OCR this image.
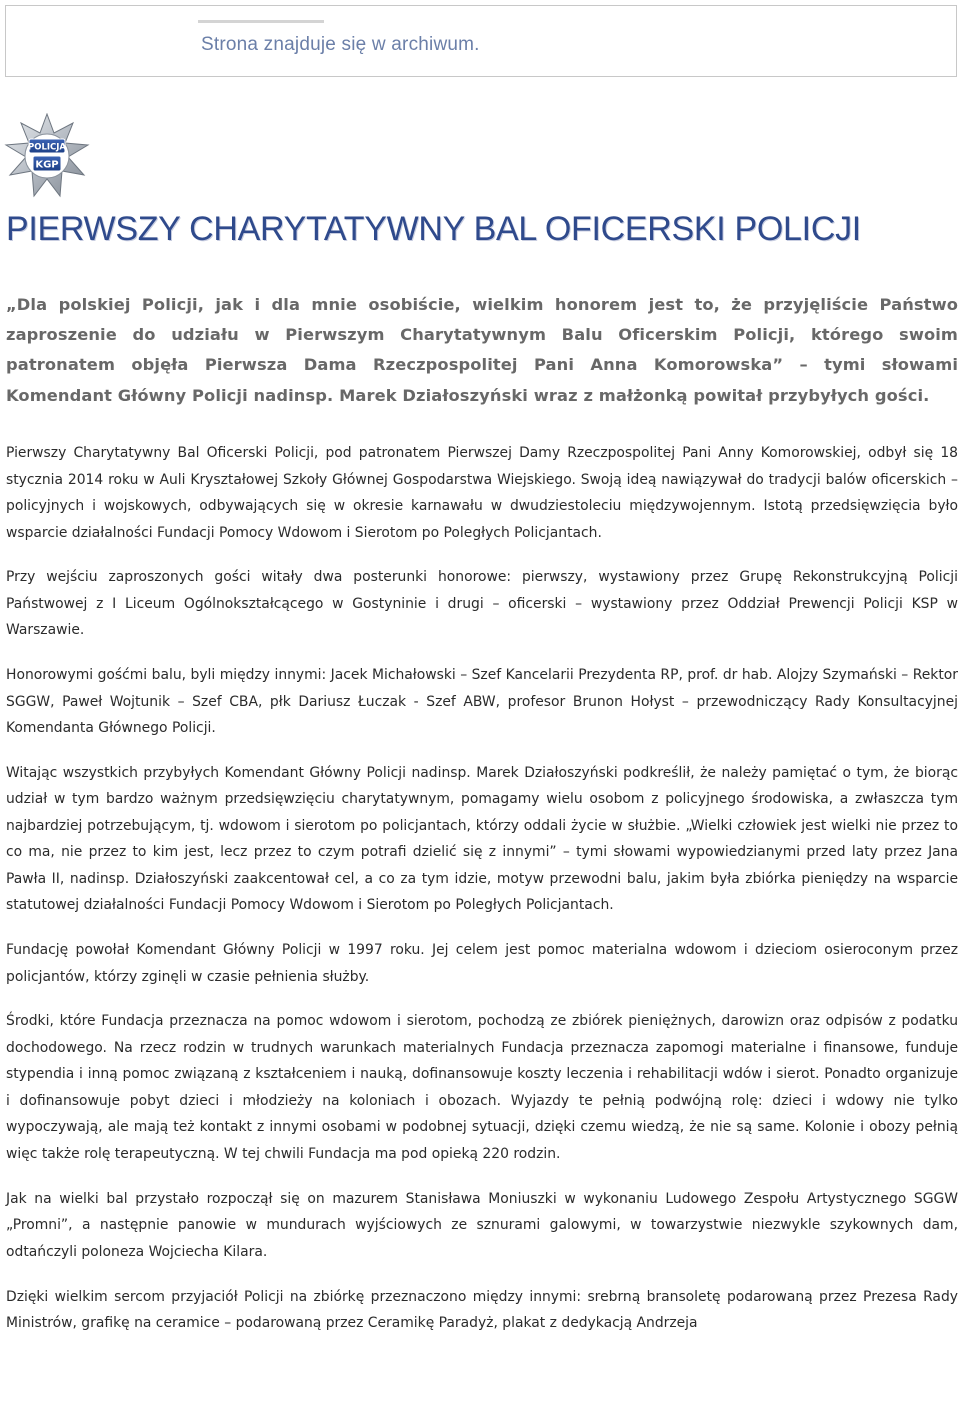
Strona znajduje się w archiwum.
POLICJA
KGP
PIERWSZY CHARYTATYWNY BAL OFICERSKI POLICJI

„Dla polskiej Policji, jak i dla mnie osobiście, wielkim honorem jest to, że przyjęliście Państwo zaproszenie do udziału w Pierwszym Charytatywnym Balu Oficerskim Policji, którego swoim patronatem objęła Pierwsza Dama Rzeczpospolitej Pani Anna Komorowska” – tymi słowami Komendant Główny Policji nadinsp. Marek Działoszyński wraz z małżonką powitał przybyłych gości.

Pierwszy Charytatywny Bal Oficerski Policji, pod patronatem Pierwszej Damy Rzeczpospolitej Pani Anny Komorowskiej, odbył się 18 stycznia 2014 roku w Auli Kryształowej Szkoły Głównej Gospodarstwa Wiejskiego. Swoją ideą nawiązywał do tradycji balów oficerskich – policyjnych i wojskowych, odbywających się w okresie karnawału w dwudziestoleciu międzywojennym. Istotą przedsięwzięcia było wsparcie działalności Fundacji Pomocy Wdowom i Sierotom po Poległych Policjantach.

Przy wejściu zaproszonych gości witały dwa posterunki honorowe: pierwszy, wystawiony przez Grupę Rekonstrukcyjną Policji Państwowej z I Liceum Ogólnokształcącego w Gostyninie i drugi – oficerski – wystawiony przez Oddział Prewencji Policji KSP w Warszawie.

Honorowymi gośćmi balu, byli między innymi: Jacek Michałowski – Szef Kancelarii Prezydenta RP, prof. dr hab. Alojzy Szymański – Rektor SGGW, Paweł Wojtunik – Szef CBA, płk Dariusz Łuczak - Szef ABW, profesor Brunon Hołyst – przewodniczący Rady Konsultacyjnej Komendanta Głównego Policji.

Witając wszystkich przybyłych Komendant Główny Policji nadinsp. Marek Działoszyński podkreślił, że należy pamiętać o tym, że biorąc udział w tym bardzo ważnym przedsięwzięciu charytatywnym, pomagamy wielu osobom z policyjnego środowiska, a zwłaszcza tym najbardziej potrzebującym, tj. wdowom i sierotom po policjantach, którzy oddali życie w służbie. „Wielki człowiek jest wielki nie przez to co ma, nie przez to kim jest, lecz przez to czym potrafi dzielić się z innymi” – tymi słowami wypowiedzianymi przed laty przez Jana Pawła II, nadinsp. Działoszyński zaakcentował cel, a co za tym idzie, motyw przewodni balu, jakim była zbiórka pieniędzy na wsparcie statutowej działalności Fundacji Pomocy Wdowom i Sierotom po Poległych Policjantach.

Fundację powołał Komendant Główny Policji w 1997 roku. Jej celem jest pomoc materialna wdowom i dzieciom osieroconym przez policjantów, którzy zginęli w czasie pełnienia służby.

Środki, które Fundacja przeznacza na pomoc wdowom i sierotom, pochodzą ze zbiórek pieniężnych, darowizn oraz odpisów z podatku dochodowego. Na rzecz rodzin w trudnych warunkach materialnych Fundacja przeznacza zapomogi materialne i finansowe, funduje stypendia i inną pomoc związaną z kształceniem i nauką, dofinansowuje koszty leczenia i rehabilitacji wdów i sierot. Ponadto organizuje i dofinansowuje pobyt dzieci i młodzieży na koloniach i obozach. Wyjazdy te pełnią podwójną rolę: dzieci i wdowy nie tylko wypoczywają, ale mają też kontakt z innymi osobami w podobnej sytuacji, dzięki czemu wiedzą, że nie są same. Kolonie i obozy pełnią więc także rolę terapeutyczną. W tej chwili Fundacja ma pod opieką 220 rodzin.

Jak na wielki bal przystało rozpoczął się on mazurem Stanisława Moniuszki w wykonaniu Ludowego Zespołu Artystycznego SGGW „Promni”, a następnie panowie w mundurach wyjściowych ze sznurami galowymi, w towarzystwie niezwykle szykownych dam, odtańczyli poloneza Wojciecha Kilara.

Dzięki wielkim sercom przyjaciół Policji na zbiórkę przeznaczono między innymi: srebrną bransoletę podarowaną przez Prezesa Rady Ministrów, grafikę na ceramice – podarowaną przez Ceramikę Paradyż, plakat z dedykacją Andrzeja
